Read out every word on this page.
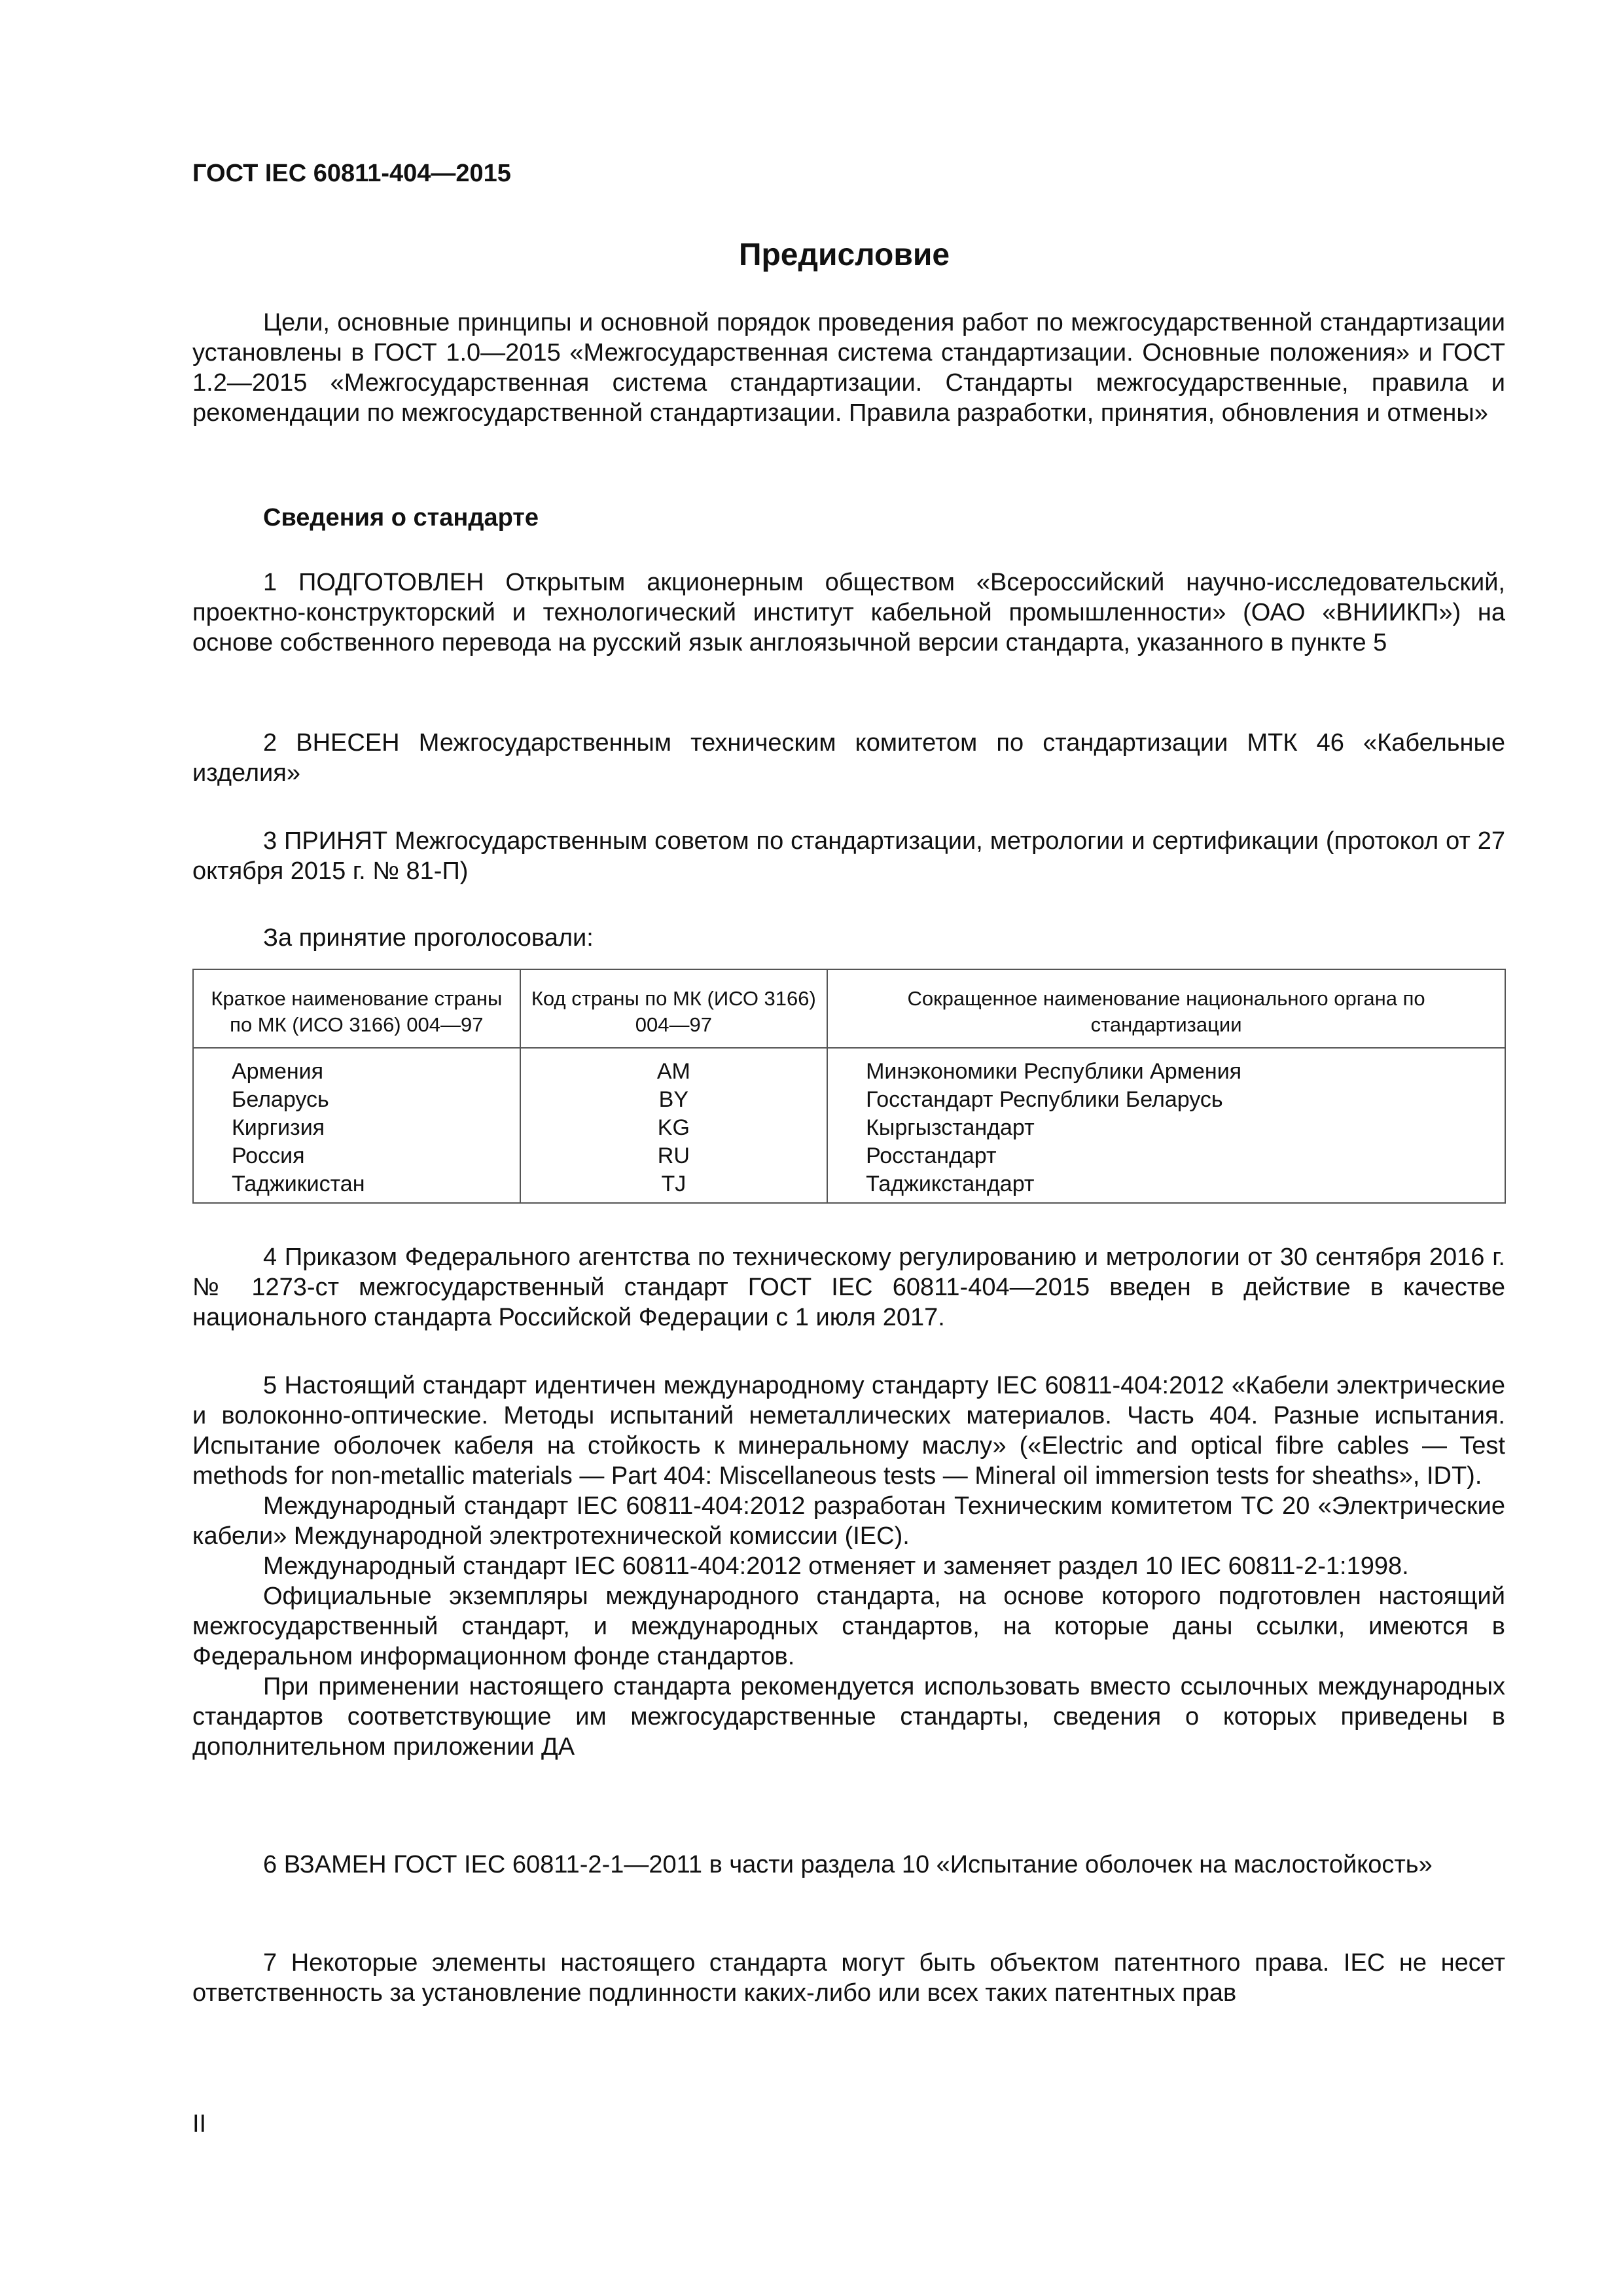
ГОСТ IEC 60811-404—2015
Предисловие

Цели, основные принципы и основной порядок проведения работ по межгосударственной стандартизации установлены в ГОСТ 1.0—2015 «Межгосударственная система стандартизации. Основные положения» и ГОСТ 1.2—2015 «Межгосударственная система стандартизации. Стандарты межгосударственные, правила и рекомендации по межгосударственной стандартизации. Правила разработки, принятия, обновления и отмены»

Сведения о стандарте

1 ПОДГОТОВЛЕН Открытым акционерным обществом «Всероссийский научно-исследовательский, проектно-конструкторский и технологический институт кабельной промышленности» (ОАО «ВНИИКП») на основе собственного перевода на русский язык англоязычной версии стандарта, указанного в пункте 5

2 ВНЕСЕН Межгосударственным техническим комитетом по стандартизации МТК 46 «Кабельные изделия»

3 ПРИНЯТ Межгосударственным советом по стандартизации, метрологии и сертификации (протокол от 27 октября 2015 г. № 81-П)

За принятие проголосовали:
Краткое наименование страны по МК (ИСО 3166) 004—97	Код страны по МК (ИСО 3166) 004—97	Сокращенное наименование национального органа по стандартизации
Армения	AM	Минэкономики Республики Армения
Беларусь	BY	Госстандарт Республики Беларусь
Киргизия	KG	Кыргызстандарт
Россия	RU	Росстандарт
Таджикистан	TJ	Таджикстандарт

4 Приказом Федерального агентства по техническому регулированию и метрологии от 30 сентября 2016 г. № 1273-ст межгосударственный стандарт ГОСТ IEC 60811-404—2015 введен в действие в качестве национального стандарта Российской Федерации с 1 июля 2017.

5 Настоящий стандарт идентичен международному стандарту IEC 60811-404:2012 «Кабели электрические и волоконно-оптические. Методы испытаний неметаллических материалов. Часть 404. Разные испытания. Испытание оболочек кабеля на стойкость к минеральному маслу» («Electric and optical fibre cables — Test methods for non-metallic materials — Part 404: Miscellaneous tests — Mineral oil immersion tests for sheaths», IDT).

Международный стандарт IEC 60811-404:2012 разработан Техническим комитетом ТС 20 «Электрические кабели» Международной электротехнической комиссии (IEC).

Международный стандарт IEC 60811-404:2012 отменяет и заменяет раздел 10 IEC 60811-2-1:1998.

Официальные экземпляры международного стандарта, на основе которого подготовлен настоящий межгосударственный стандарт, и международных стандартов, на которые даны ссылки, имеются в Федеральном информационном фонде стандартов.

При применении настоящего стандарта рекомендуется использовать вместо ссылочных международных стандартов соответствующие им межгосударственные стандарты, сведения о которых приведены в дополнительном приложении ДА

6 ВЗАМЕН ГОСТ IEC 60811-2-1—2011 в части раздела 10 «Испытание оболочек на маслостойкость»

7 Некоторые элементы настоящего стандарта могут быть объектом патентного права. IEC не несет ответственность за установление подлинности каких-либо или всех таких патентных прав

II
